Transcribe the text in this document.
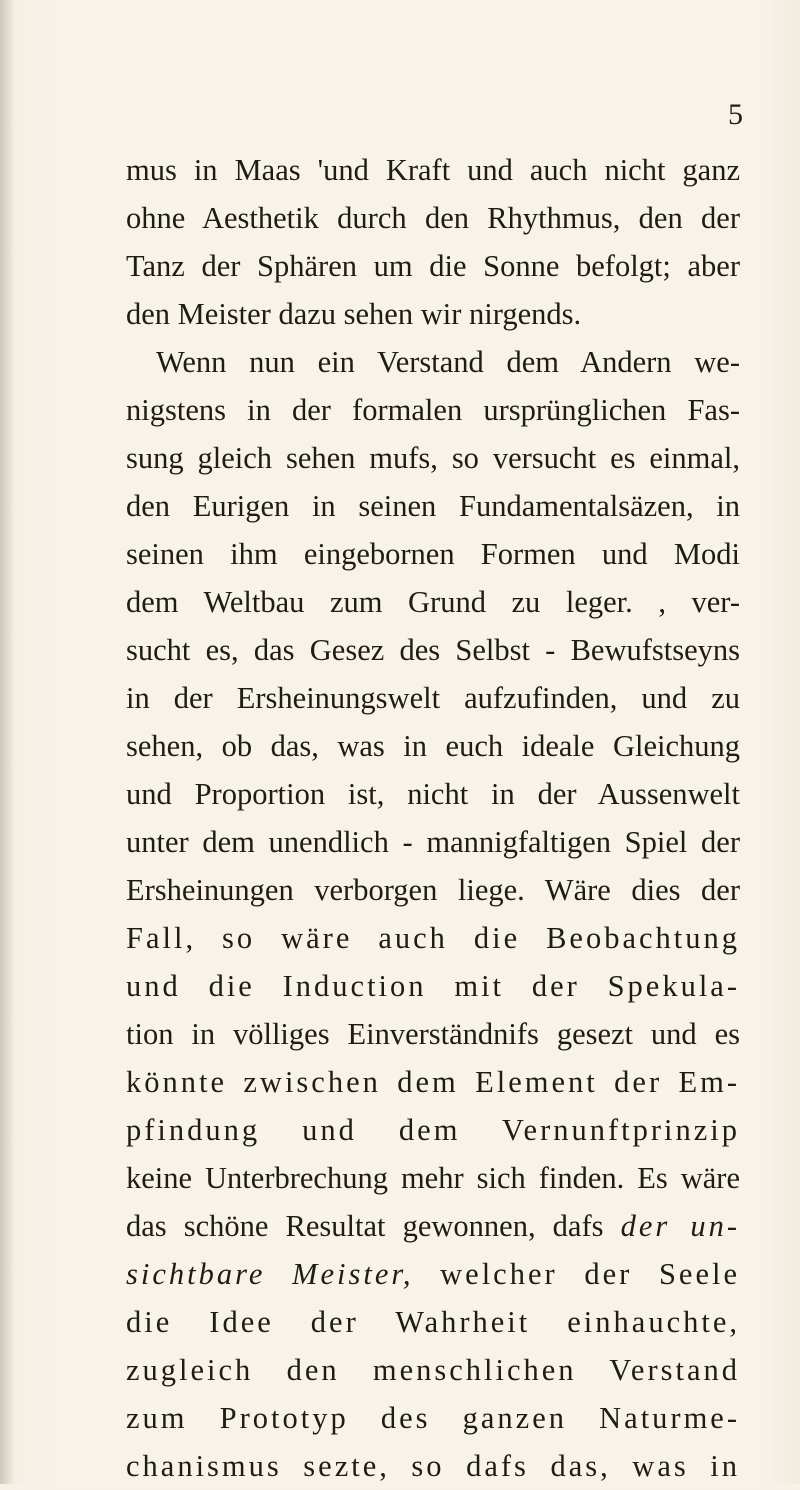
5
mus in Maas 'und Kraft und auch nicht ganz
ohne Aesthetik durch den Rhythmus, den der
Tanz der Sphären um die Sonne befolgt; aber
den Meister dazu sehen wir nirgends.
Wenn nun ein Verstand dem Andern we-
nigstens in der formalen ursprünglichen Fas-
sung gleich sehen mufs, so versucht es einmal,
den Eurigen in seinen Fundamentalsäzen, in
seinen ihm eingebornen Formen und Modi
dem Weltbau zum Grund zu leger. , ver-
sucht es, das Gesez des Selbst - Bewufstseyns
in der Ersheinungswelt aufzufinden, und zu
sehen, ob das, was in euch ideale Gleichung
und Proportion ist, nicht in der Aussenwelt
unter dem unendlich - mannigfaltigen Spiel der
Ersheinungen verborgen liege. Wäre dies der
Fall, so wäre auch die Beobachtung
und die Induction mit der Spekula-
tion in völliges Einverständnifs gesezt und es
könnte zwischen dem Element der Em-
pfindung und dem Vernunftprinzip
keine Unterbrechung mehr sich finden. Es wäre
das schöne Resultat gewonnen, dafs der un-
sichtbare Meister, welcher der Seele
die Idee der Wahrheit einhauchte,
zugleich den menschlichen Verstand
zum Prototyp des ganzen Naturme-
chanismus sezte, so dafs das, was in
